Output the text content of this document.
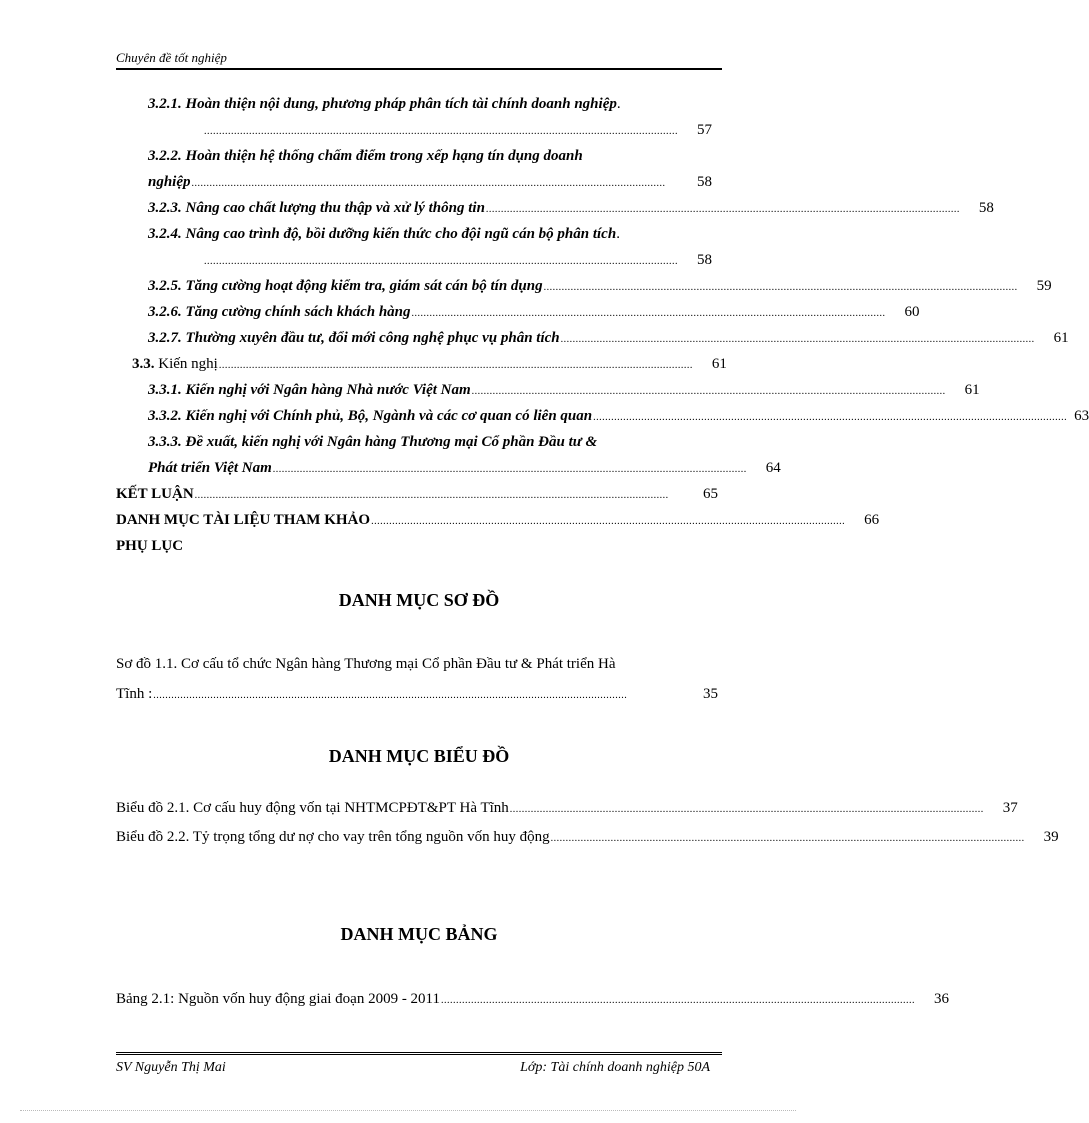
Chuyên đề tốt nghiệp
3.2.1. Hoàn thiện nội dung, phương pháp phân tích tài chính doanh nghiệp.
..............................................................................................................................................................	57
3.2.2. Hoàn thiện hệ thống chấm điểm trong xếp hạng tín dụng doanh
nghiệp ..............................................................................................................................................................	58
3.2.3. Nâng cao chất lượng thu thập và xử lý thông tin ..............................................................................................................................................................	58
3.2.4. Nâng cao trình độ, bồi dưỡng kiến thức cho đội ngũ cán bộ phân tích.
..............................................................................................................................................................	58
3.2.5. Tăng cường hoạt động kiểm tra, giám sát cán bộ tín dụng ..............................................................................................................................................................	59
3.2.6. Tăng cường chính sách khách hàng ..............................................................................................................................................................	60
3.2.7. Thường xuyên đầu tư, đổi mới công nghệ phục vụ phân tích ..............................................................................................................................................................	61
3.3. Kiến nghị ..............................................................................................................................................................	61
3.3.1. Kiến nghị với Ngân hàng Nhà nước Việt Nam ..............................................................................................................................................................	61
3.3.2. Kiến nghị với Chính phủ, Bộ, Ngành và các cơ quan có liên quan .............................................................................................................................................................. 63
3.3.3. Đề xuất, kiến nghị với Ngân hàng Thương mại Cổ phần Đầu tư &
Phát triển Việt Nam ..............................................................................................................................................................	64
KẾT LUẬN ..............................................................................................................................................................	65
DANH MỤC TÀI LIỆU THAM KHẢO ..............................................................................................................................................................	66
PHỤ LỤC
DANH MỤC SƠ ĐỒ
Sơ đồ 1.1. Cơ cấu tổ chức Ngân hàng Thương mại Cổ phần Đầu tư & Phát triển Hà
Tĩnh : ..............................................................................................................................................................	35
DANH MỤC BIỂU ĐỒ
Biểu đồ 2.1. Cơ cấu huy động vốn tại NHTMCPĐT&PT Hà Tĩnh ..............................................................................................................................................................	37
Biểu đồ 2.2. Tỷ trọng tổng dư nợ cho vay trên tổng nguồn vốn huy động ..............................................................................................................................................................	39
DANH MỤC BẢNG
Bảng 2.1: Nguồn vốn huy động giai đoạn 2009 - 2011 ..............................................................................................................................................................	36
SV Nguyễn Thị Mai	Lớp: Tài chính doanh nghiệp 50A
